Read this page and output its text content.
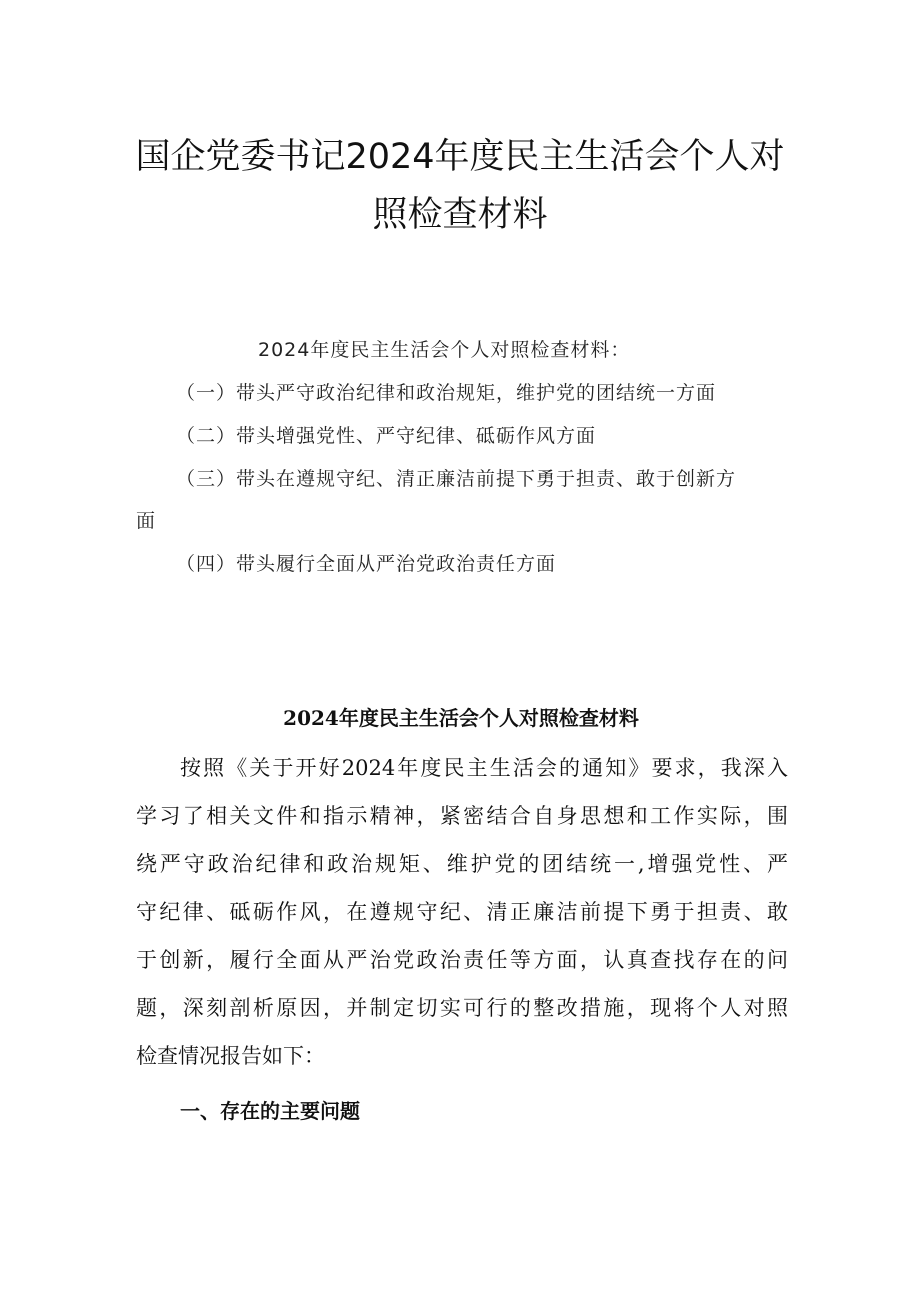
国企党委书记2024年度民主生活会个人对
照检查材料
2024年度民主生活会个人对照检查材料：
（一）带头严守政治纪律和政治规矩，维护党的团结统一方面
（二）带头增强党性、严守纪律、砥砺作风方面
（三）带头在遵规守纪、清正廉洁前提下勇于担责、敢于创新方
面
（四）带头履行全面从严治党政治责任方面
2024年度民主生活会个人对照检查材料
按照《关于开好2024年度民主生活会的通知》要求，我深入
学习了相关文件和指示精神，紧密结合自身思想和工作实际，围
绕严守政治纪律和政治规矩、维护党的团结统一,增强党性、严
守纪律、砥砺作风，在遵规守纪、清正廉洁前提下勇于担责、敢
于创新，履行全面从严治党政治责任等方面，认真查找存在的问
题，深刻剖析原因，并制定切实可行的整改措施，现将个人对照
检查情况报告如下：
一、存在的主要问题
